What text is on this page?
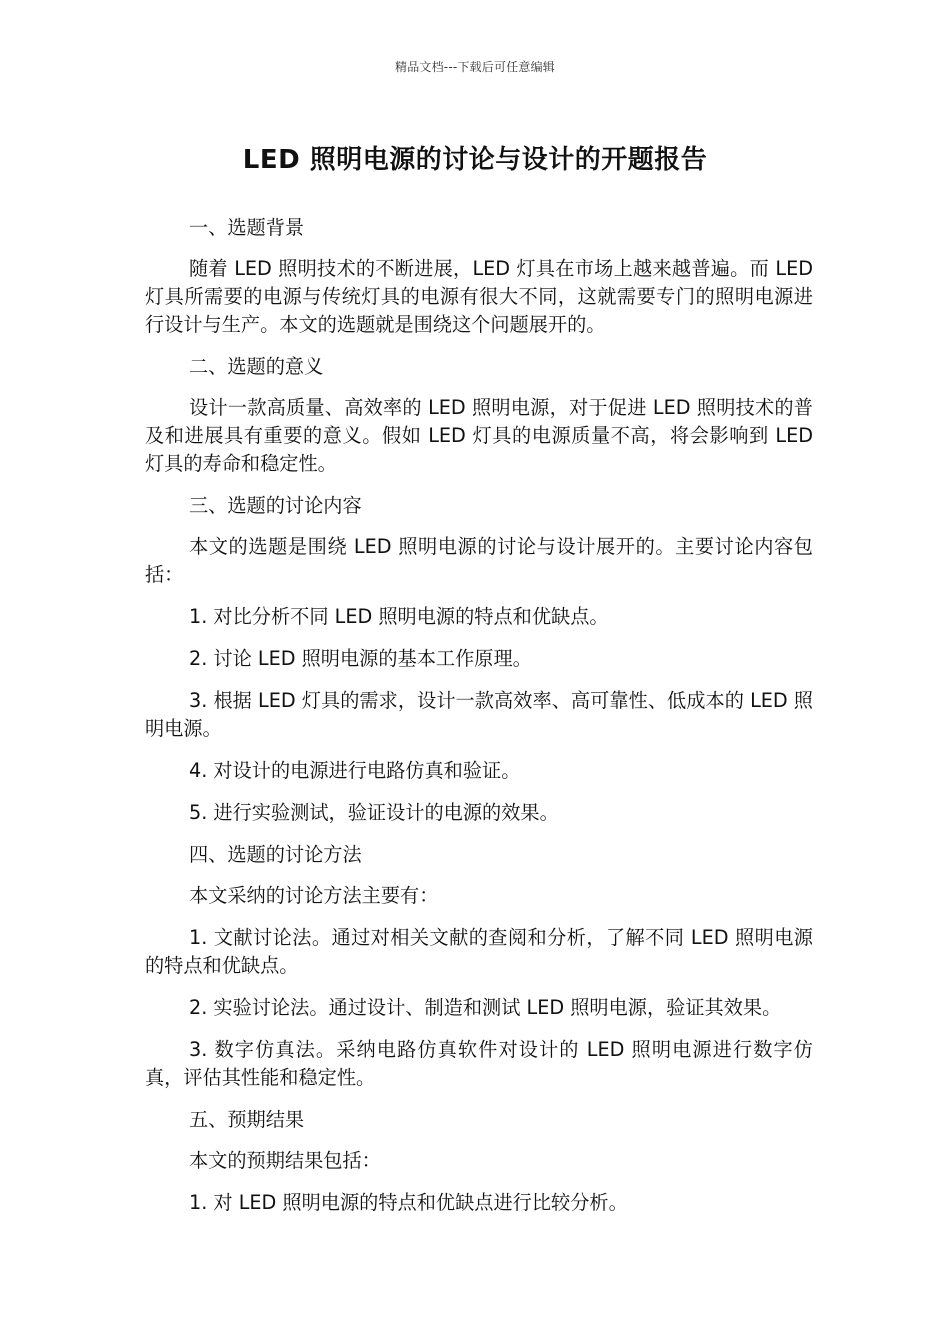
精品文档---下载后可任意编辑
LED 照明电源的讨论与设计的开题报告

一、选题背景

随着 LED 照明技术的不断进展，LED 灯具在市场上越来越普遍。而 LED 灯具所需要的电源与传统灯具的电源有很大不同，这就需要专门的照明电源进行设计与生产。本文的选题就是围绕这个问题展开的。

二、选题的意义

设计一款高质量、高效率的 LED 照明电源，对于促进 LED 照明技术的普及和进展具有重要的意义。假如 LED 灯具的电源质量不高，将会影响到 LED 灯具的寿命和稳定性。

三、选题的讨论内容

本文的选题是围绕 LED 照明电源的讨论与设计展开的。主要讨论内容包括：

1. 对比分析不同 LED 照明电源的特点和优缺点。

2. 讨论 LED 照明电源的基本工作原理。

3. 根据 LED 灯具的需求，设计一款高效率、高可靠性、低成本的 LED 照明电源。

4. 对设计的电源进行电路仿真和验证。

5. 进行实验测试，验证设计的电源的效果。

四、选题的讨论方法

本文采纳的讨论方法主要有：

1. 文献讨论法。通过对相关文献的查阅和分析，了解不同 LED 照明电源的特点和优缺点。

2. 实验讨论法。通过设计、制造和测试 LED 照明电源，验证其效果。

3. 数字仿真法。采纳电路仿真软件对设计的 LED 照明电源进行数字仿真，评估其性能和稳定性。

五、预期结果

本文的预期结果包括：

1. 对 LED 照明电源的特点和优缺点进行比较分析。
